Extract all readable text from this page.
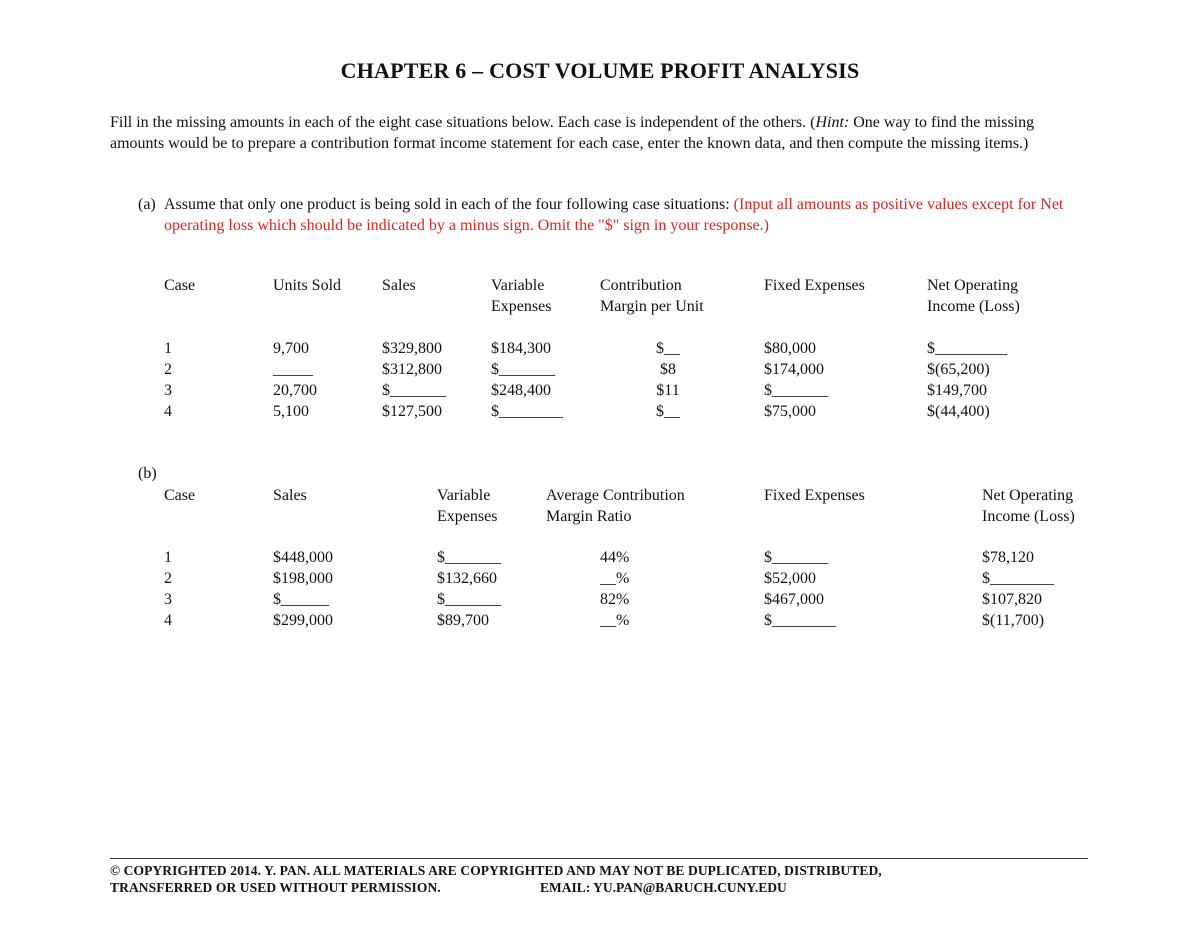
CHAPTER 6 – COST VOLUME PROFIT ANALYSIS
Fill in the missing amounts in each of the eight case situations below. Each case is independent of the others. (Hint: One way to find the missing amounts would be to prepare a contribution format income statement for each case, enter the known data, and then compute the missing items.)
(a) Assume that only one product is being sold in each of the four following case situations: (Input all amounts as positive values except for Net operating loss which should be indicated by a minus sign. Omit the "$" sign in your response.)
Case	Units Sold	Sales	Variable
Expenses
Contribution
Margin per Unit
Fixed Expenses	Net Operating
Income (Loss)
1	9,700	$329,800	$184,300	$__	$80,000	$_________
2	_____	$312,800	$_______	$8	$174,000	$(65,200)
3	20,700	$_______	$248,400	$11	$_______	$149,700
4	5,100	$127,500	$________	$__	$75,000	$(44,400)
(b)
Case	Sales	Variable
Expenses
Average Contribution
Margin Ratio
Fixed Expenses	Net Operating
Income (Loss)
1	$448,000	$_______	44%	$_______	$78,120
2	$198,000	$132,660	__%	$52,000	$________
3	$______	$_______	82%	$467,000	$107,820
4	$299,000	$89,700	__%	$________	$(11,700)
© COPYRIGHTED 2014. Y. PAN. ALL MATERIALS ARE COPYRIGHTED AND MAY NOT BE DUPLICATED, DISTRIBUTED,
TRANSFERRED OR USED WITHOUT PERMISSION.	EMAIL: YU.PAN@BARUCH.CUNY.EDU
